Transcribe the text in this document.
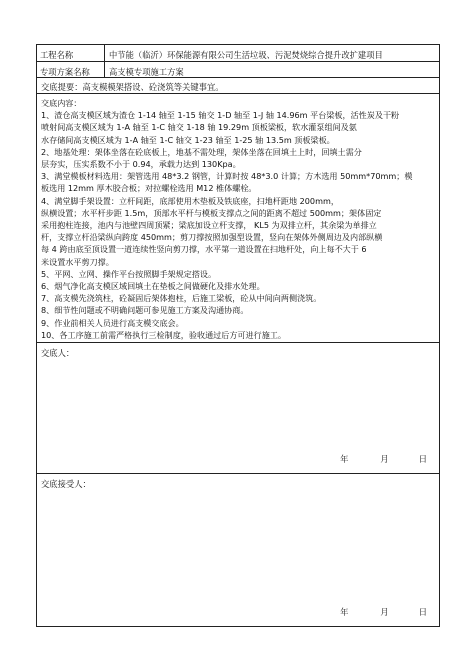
工程名称	中节能（临沂）环保能源有限公司生活垃圾、污泥焚烧综合提升改扩建项目
专项方案名称	高支模专项施工方案
交底提要：高支模模架搭设、砼浇筑等关键事宜。

交底内容：

1、渣仓高支模区域为渣仓 1-14 轴至 1-15 轴交 1-D 轴至 1-J 轴 14.96m 平台梁板，活性炭及干粉

喷射间高支模区域为 1-A 轴至 1-C 轴交 1-18 轴 19.29m 顶板梁板，软水灌泵组间及氨

水存储间高支模区域为 1-A 轴至 1-C 轴交 1-23 轴至 1-25 轴 13.5m 顶板梁板。

2、地基处理：架体坐落在砼底板上，地基不需处理，架体坐落在回填土上时，回填土需分

层夯实，压实系数不小于 0.94，承载力达到 130Kpa。

3、满堂模板材料选用：架管选用 48*3.2 钢管，计算时按 48*3.0 计算；方木选用 50mm*70mm；模

板选用 12mm 厚木胶合板；对拉螺栓选用 M12 椎体螺栓。

4、满堂脚手架设置：立杆间距，底部使用木垫板及铁底座，扫地杆距地 200mm，

纵横设置；水平杆步距 1.5m，顶部水平杆与模板支撑点之间的距离不超过 500mm；架体固定

采用抱柱连接，池内与池壁四周顶紧；梁底加设立杆支撑， KL5 为双排立杆，其余梁为单排立

杆，支撑立杆沿梁纵向跨度 450mm；剪刀撑按照加强型设置，竖向在架体外侧周边及内部纵横

每 4 跨由底至顶设置一道连续性竖向剪刀撑，水平第一道设置在扫地杆处，向上每不大于 6

米设置水平剪刀撑。

5、平网、立网、操作平台按照脚手架规定搭设。

6、烟气净化高支模区域回填土在垫板之间做硬化及排水处理。

7、高支模先浇筑柱，砼凝固后架体抱柱，后施工梁板，砼从中间向两侧浇筑。

8、细节性问题或不明确问题可参见施工方案及沟通协商。

9、作业前相关人员进行高支模交底会。

10、各工序施工前需严格执行三检制度，验收通过后方可进行施工。

交底人：
年	月	日
交底接受人：
年	月	日
